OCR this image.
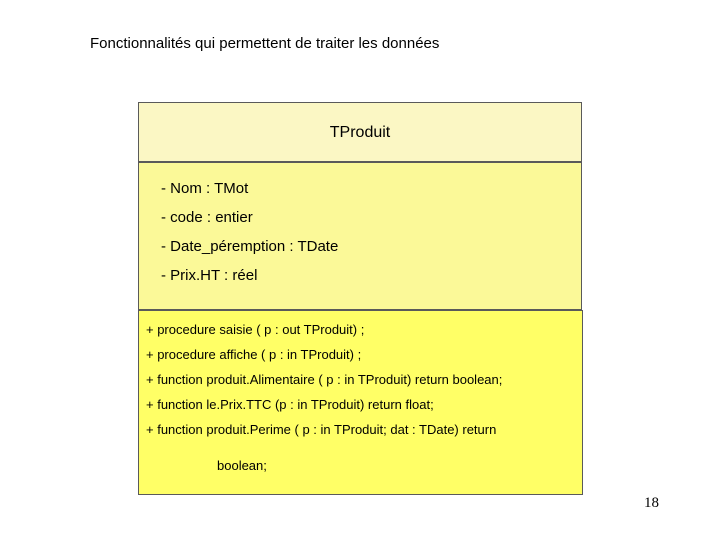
Fonctionnalités qui permettent de traiter les données
TProduit
- Nom : TMot
- code : entier
- Date_péremption : TDate
- Prix.HT : réel
+ procedure saisie ( p : out TProduit) ;
+ procedure affiche ( p : in TProduit) ;
+ function produit.Alimentaire ( p : in TProduit) return boolean;
+ function le.Prix.TTC (p : in TProduit) return float;
+ function produit.Perime ( p : in TProduit; dat : TDate) return
boolean;
18
